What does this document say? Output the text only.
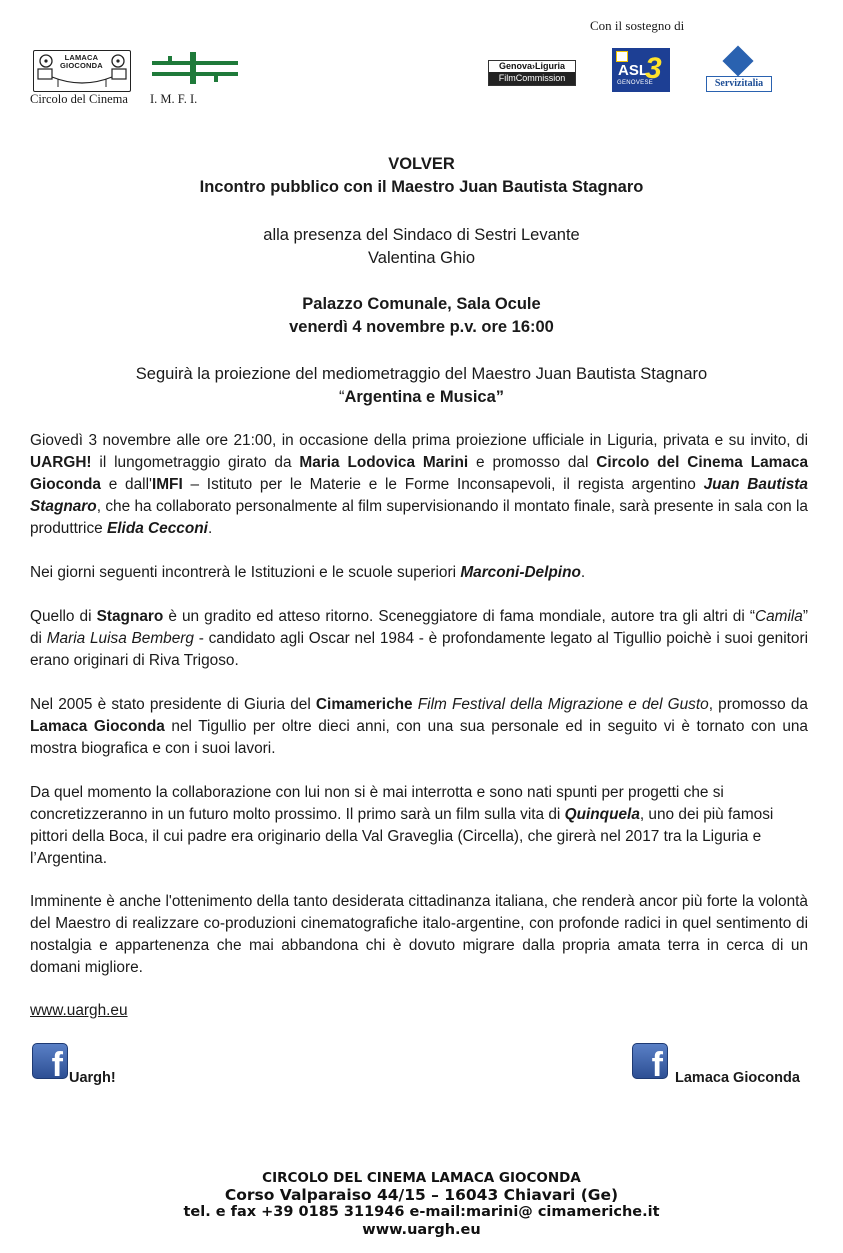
Con il sostegno di
LAMACA
GIOCONDA
Circolo del Cinema I. M. F. I.
Genova›Liguria
FilmCommission	ASL
3
GENOVESE	Servizitalia
VOLVER
Incontro pubblico con il Maestro Juan Bautista Stagnaro
alla presenza del Sindaco di Sestri Levante
Valentina Ghio
Palazzo Comunale, Sala Ocule
venerdì 4 novembre p.v. ore 16:00
Seguirà la proiezione del mediometraggio del Maestro Juan Bautista Stagnaro
“Argentina e Musica”
Giovedì 3 novembre alle ore 21:00, in occasione della prima proiezione ufficiale in Liguria, privata e su invito, di UARGH! il lungometraggio girato da Maria Lodovica Marini e promosso dal Circolo del Cinema Lamaca Gioconda e dall'IMFI – Istituto per le Materie e le Forme Inconsapevoli, il regista argentino Juan Bautista Stagnaro, che ha collaborato personalmente al film supervisionando il montato finale, sarà presente in sala con la produttrice Elida Cecconi.
Nei giorni seguenti incontrerà le Istituzioni e le scuole superiori Marconi-Delpino.
Quello di Stagnaro è un gradito ed atteso ritorno. Sceneggiatore di fama mondiale, autore tra gli altri di “Camila” di Maria Luisa Bemberg - candidato agli Oscar nel 1984 - è profondamente legato al Tigullio poichè i suoi genitori erano originari di Riva Trigoso.
Nel 2005 è stato presidente di Giuria del Cimameriche Film Festival della Migrazione e del Gusto, promosso da Lamaca Gioconda nel Tigullio per oltre dieci anni, con una sua personale ed in seguito vi è tornato con una mostra biografica e con i suoi lavori.
Da quel momento la collaborazione con lui non si è mai interrotta e sono nati spunti per progetti che si concretizzeranno in un futuro molto prossimo. Il primo sarà un film sulla vita di Quinquela, uno dei più famosi pittori della Boca, il cui padre era originario della Val Graveglia (Circella), che girerà nel 2017 tra la Liguria e l’Argentina.
Imminente è anche l'ottenimento della tanto desiderata cittadinanza italiana, che renderà ancor più forte la volontà del Maestro di realizzare co-produzioni cinematografiche italo-argentine, con profonde radici in quel sentimento di nostalgia e appartenenza che mai abbandona chi è dovuto migrare dalla propria amata terra in cerca di un domani migliore.
www.uargh.eu
f Uargh!	f Lamaca Gioconda
CIRCOLO DEL CINEMA LAMACA GIOCONDA
Corso Valparaiso 44/15 – 16043 Chiavari (Ge)
tel. e fax +39 0185 311946 e-mail:marini@ cimameriche.it
www.uargh.eu
